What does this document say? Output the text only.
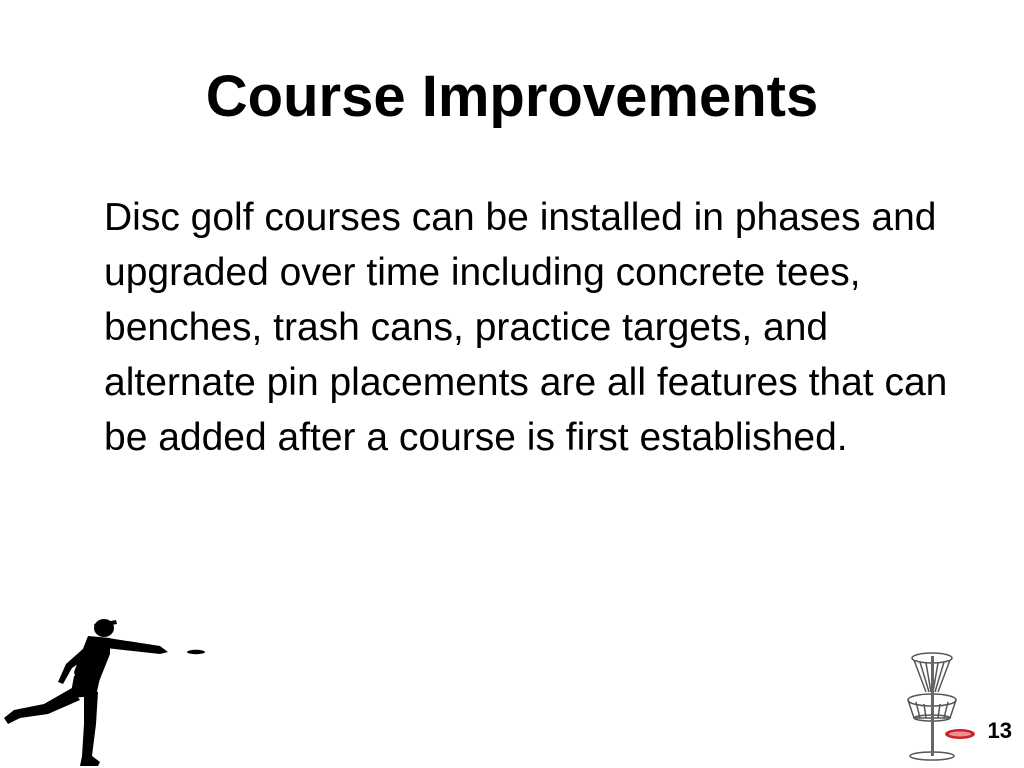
Course Improvements

Disc golf courses can be installed in phases and upgraded over time including concrete tees, benches, trash cans, practice targets, and alternate pin placements are all features that can be added after a course is first established.

13
